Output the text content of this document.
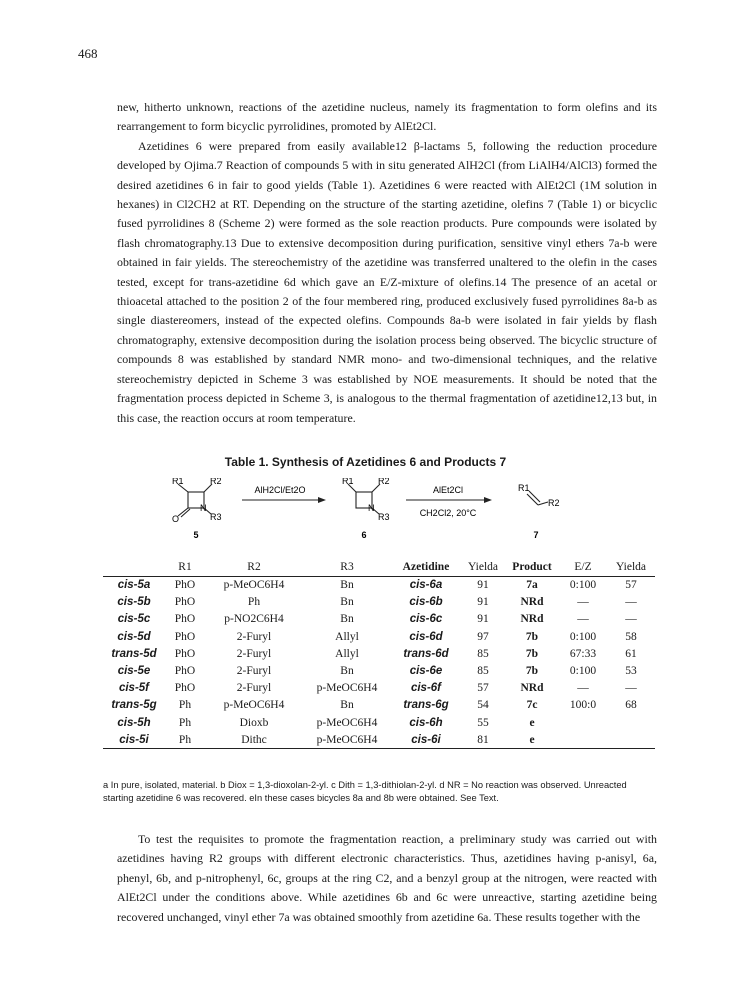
468

new, hitherto unknown, reactions of the azetidine nucleus, namely its fragmentation to form olefins and its rearrangement to form bicyclic pyrrolidines, promoted by AlEt2Cl.

Azetidines 6 were prepared from easily available12 β-lactams 5, following the reduction procedure developed by Ojima.7 Reaction of compounds 5 with in situ generated AlH2Cl (from LiAlH4/AlCl3) formed the desired azetidines 6 in fair to good yields (Table 1). Azetidines 6 were reacted with AlEt2Cl (1M solution in hexanes) in Cl2CH2 at RT. Depending on the structure of the starting azetidine, olefins 7 (Table 1) or bicyclic fused pyrrolidines 8 (Scheme 2) were formed as the sole reaction products. Pure compounds were isolated by flash chromatography.13 Due to extensive decomposition during purification, sensitive vinyl ethers 7a-b were obtained in fair yields. The stereochemistry of the azetidine was transferred unaltered to the olefin in the cases tested, except for trans-azetidine 6d which gave an E/Z-mixture of olefins.14 The presence of an acetal or thioacetal attached to the position 2 of the four membered ring, produced exclusively fused pyrrolidines 8a-b as single diastereomers, instead of the expected olefins. Compounds 8a-b were isolated in fair yields by flash chromatography, extensive decomposition during the isolation process being observed. The bicyclic structure of compounds 8 was established by standard NMR mono- and two-dimensional techniques, and the relative stereochemistry depicted in Scheme 3 was established by NOE measurements. It should be noted that the fragmentation process depicted in Scheme 3, is analogous to the thermal fragmentation of azetidine12,13 but, in this case, the reaction occurs at room temperature.

Table 1. Synthesis of Azetidines 6 and Products 7
R1	R2
O
N
R3
5
AlH2Cl/Et2O
R1	R2
N
R3
6
AlEt2Cl
CH2Cl2, 20°C
R1
R2
7
	R1	R2	R3	Azetidine	Yielda	Product	E/Z	Yielda
cis-5a	PhO	p-MeOC6H4	Bn	cis-6a	91	7a	0:100	57
cis-5b	PhO	Ph	Bn	cis-6b	91	NRd	—	—
cis-5c	PhO	p-NO2C6H4	Bn	cis-6c	91	NRd	—	—
cis-5d	PhO	2-Furyl	Allyl	cis-6d	97	7b	0:100	58
trans-5d	PhO	2-Furyl	Allyl	trans-6d	85	7b	67:33	61
cis-5e	PhO	2-Furyl	Bn	cis-6e	85	7b	0:100	53
cis-5f	PhO	2-Furyl	p-MeOC6H4	cis-6f	57	NRd	—	—
trans-5g	Ph	p-MeOC6H4	Bn	trans-6g	54	7c	100:0	68
cis-5h	Ph	Dioxb	p-MeOC6H4	cis-6h	55	e		
cis-5i	Ph	Dithc	p-MeOC6H4	cis-6i	81	e		
a In pure, isolated, material. b Diox = 1,3-dioxolan-2-yl. c Dith = 1,3-dithiolan-2-yl. d NR = No reaction was observed. Unreacted starting azetidine 6 was recovered. eIn these cases bicycles 8a and 8b were obtained. See Text.

To test the requisites to promote the fragmentation reaction, a preliminary study was carried out with azetidines having R2 groups with different electronic characteristics. Thus, azetidines having p-anisyl, 6a, phenyl, 6b, and p-nitrophenyl, 6c, groups at the ring C2, and a benzyl group at the nitrogen, were reacted with AlEt2Cl under the conditions above. While azetidines 6b and 6c were unreactive, starting azetidine being recovered unchanged, vinyl ether 7a was obtained smoothly from azetidine 6a. These results together with the
